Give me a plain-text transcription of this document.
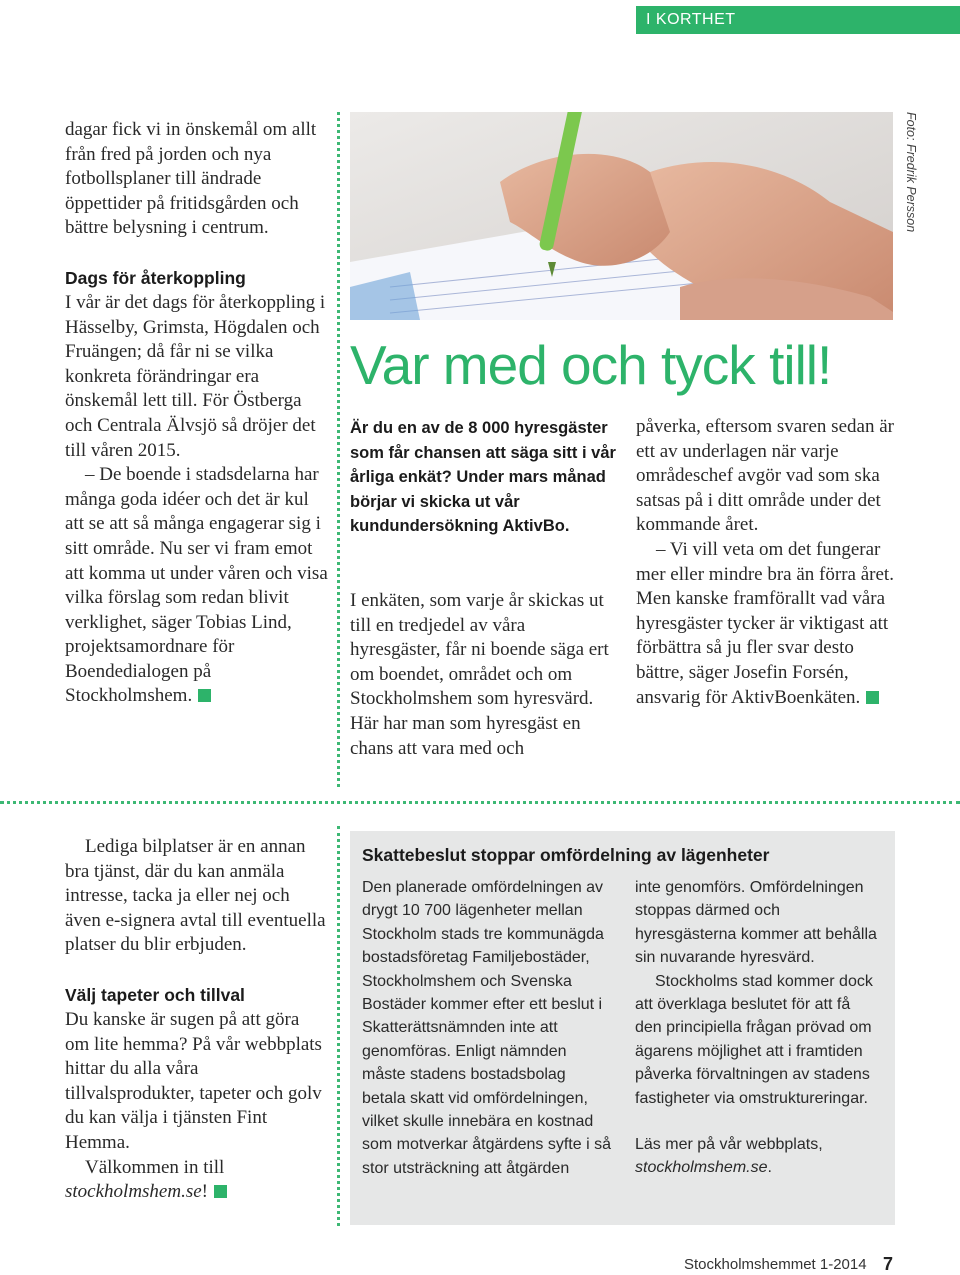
I KORTHET

dagar fick vi in önskemål om allt från fred på jorden och nya fotbollsplaner till ändrade öppettider på fritidsgården och bättre belysning i centrum.

Dags för återkoppling

I vår är det dags för återkoppling i Hässelby, Grimsta, Högdalen och Fruängen; då får ni se vilka konkreta förändringar era önskemål lett till. För Östberga och Centrala Älvsjö så dröjer det till våren 2015.

– De boende i stadsdelarna har många goda idéer och det är kul att se att så många engagerar sig i sitt område. Nu ser vi fram emot att komma ut under våren och visa vilka förslag som redan blivit verklighet, säger Tobias Lind, projektsamordnare för Boendedialogen på Stockholmshem.

Foto: Fredrik Persson
Var med och tyck till!
Är du en av de 8 000 hyresgäster som får chansen att säga sitt i vår årliga enkät? Under mars månad börjar vi skicka ut vår kundundersökning AktivBo.

I enkäten, som varje år skickas ut till en tredjedel av våra hyresgäster, får ni boende säga ert om boendet, området och om Stockholmshem som hyresvärd. Här har man som hyresgäst en chans att vara med och

påverka, eftersom svaren sedan är ett av underlagen när varje områdeschef avgör vad som ska satsas på i ditt område under det kommande året.

– Vi vill veta om det fungerar mer eller mindre bra än förra året. Men kanske framförallt vad våra hyresgäster tycker är viktigast att förbättra så ju fler svar desto bättre, säger Josefin Forsén, ansvarig för AktivBoenkäten.

Lediga bilplatser är en annan bra tjänst, där du kan anmäla intresse, tacka ja eller nej och även e-signera avtal till eventuella platser du blir erbjuden.

Välj tapeter och tillval

Du kanske är sugen på att göra om lite hemma? På vår webbplats hittar du alla våra tillvalsprodukter, tapeter och golv du kan välja i tjänsten Fint Hemma.

Välkommen in till
stockholmshem.se!

Skattebeslut stoppar omfördelning av lägenheter

Den planerade omfördelningen av drygt 10 700 lägenheter mellan Stockholm stads tre kommunägda bostadsföretag Familjebostäder, Stockholmshem och Svenska Bostäder kommer efter ett beslut i Skatterättsnämnden inte att genomföras. Enligt nämnden måste stadens bostadsbolag betala skatt vid omfördelningen, vilket skulle innebära en kostnad som motverkar åtgärdens syfte i så stor utsträckning att åtgärden

inte genomförs. Omfördelningen stoppas därmed och hyresgästerna kommer att behålla sin nuvarande hyresvärd.

Stockholms stad kommer dock att överklaga beslutet för att få den principiella frågan prövad om ägarens möjlighet att i framtiden påverka förvaltningen av stadens fastigheter via omstruktureringar.

Läs mer på vår webbplats,
stockholmshem.se.

Stockholmshemmet 1-2014 7
